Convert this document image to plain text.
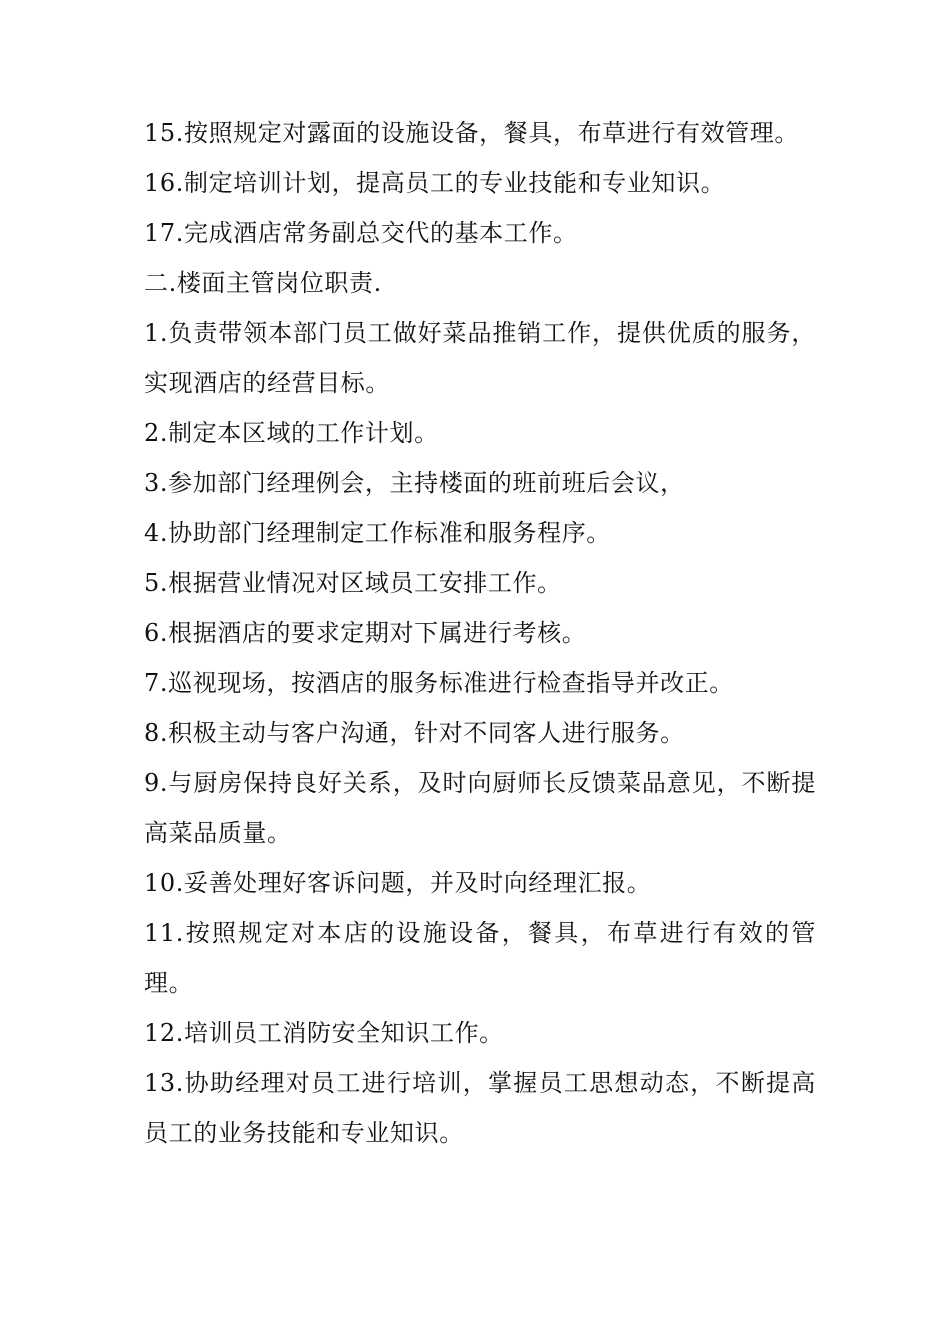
15.按照规定对露面的设施设备，餐具，布草进行有效管理。

16.制定培训计划，提高员工的专业技能和专业知识。

17.完成酒店常务副总交代的基本工作。

二.楼面主管岗位职责.

1.负责带领本部门员工做好菜品推销工作，提供优质的服务，实现酒店的经营目标。

2.制定本区域的工作计划。

3.参加部门经理例会，主持楼面的班前班后会议，

4.协助部门经理制定工作标准和服务程序。

5.根据营业情况对区域员工安排工作。

6.根据酒店的要求定期对下属进行考核。

7.巡视现场，按酒店的服务标准进行检查指导并改正。

8.积极主动与客户沟通，针对不同客人进行服务。

9.与厨房保持良好关系，及时向厨师长反馈菜品意见，不断提高菜品质量。

10.妥善处理好客诉问题，并及时向经理汇报。

11.按照规定对本店的设施设备，餐具，布草进行有效的管理。

12.培训员工消防安全知识工作。

13.协助经理对员工进行培训，掌握员工思想动态，不断提高员工的业务技能和专业知识。
